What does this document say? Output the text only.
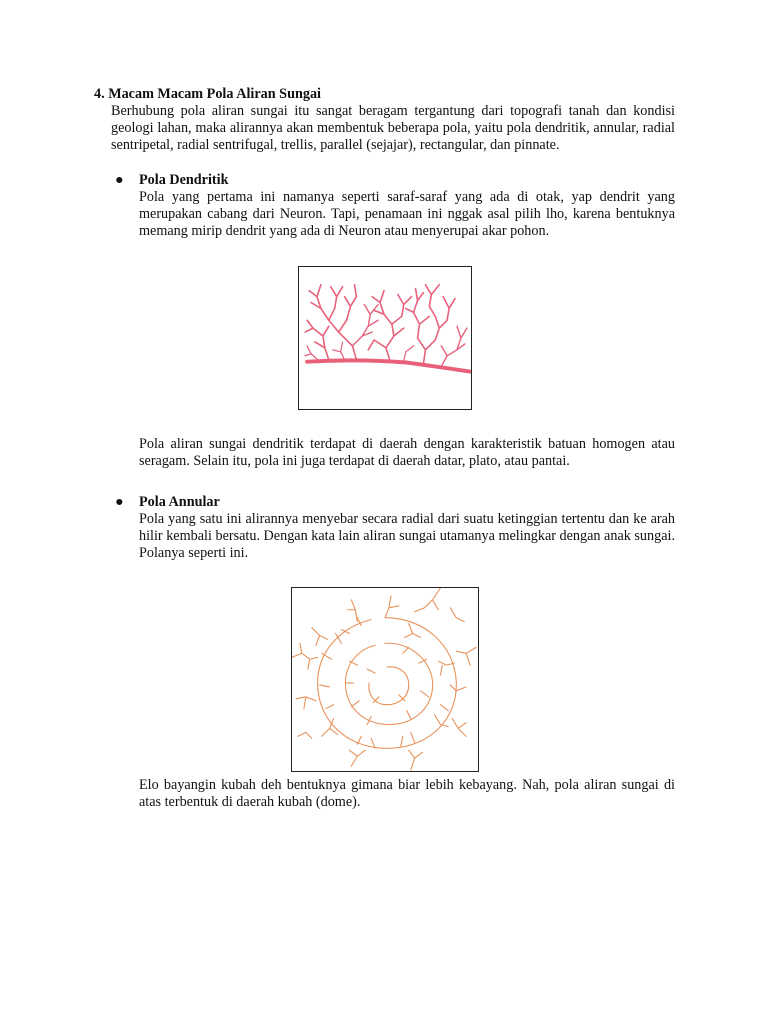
4. Macam Macam Pola Aliran Sungai

Berhubung pola aliran sungai itu sangat beragam tergantung dari topografi tanah dan kondisi geologi lahan, maka alirannya akan membentuk beberapa pola, yaitu pola dendritik, annular, radial sentripetal, radial sentrifugal, trellis, parallel (sejajar), rectangular, dan pinnate.

● Pola Dendritik

Pola yang pertama ini namanya seperti saraf-saraf yang ada di otak, yap dendrit yang merupakan cabang dari Neuron. Tapi, penamaan ini nggak asal pilih lho, karena bentuknya memang mirip dendrit yang ada di Neuron atau menyerupai akar pohon.

Pola aliran sungai dendritik terdapat di daerah dengan karakteristik batuan homogen atau seragam. Selain itu, pola ini juga terdapat di daerah datar, plato, atau pantai.

● Pola Annular

Pola yang satu ini alirannya menyebar secara radial dari suatu ketinggian tertentu dan ke arah hilir kembali bersatu. Dengan kata lain aliran sungai utamanya melingkar dengan anak sungai. Polanya seperti ini.

Elo bayangin kubah deh bentuknya gimana biar lebih kebayang. Nah, pola aliran sungai di atas terbentuk di daerah kubah (dome).
